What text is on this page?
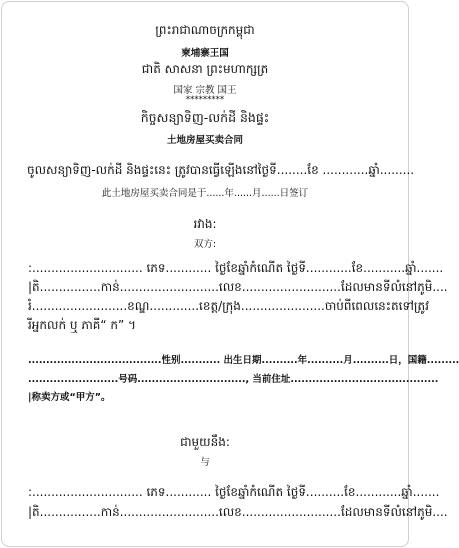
ព្រះរាជាណាចក្រកម្ពុជា
柬埔寨王国
ជាតិ សាសនា ព្រះមហាក្សត្រ
国家 宗教 国王
*********
កិច្ចសន្យាទិញ-លក់ដី និងផ្ទះ
土地房屋买卖合同
ចូលសន្យាទិញ-លក់ដី និងផ្ទះនេះ ត្រូវបានធ្វើឡើងនៅថ្ងៃទី........ខែ ............ឆ្នាំ.........
此土地房屋买卖合同是于......年......月......日签订
រវាង:
双方:
:............................. ភេទ............ ថ្ងៃខែឆ្នាំកំណើត ថ្ងៃទី............ខែ...........ឆ្នាំ.......
|តិ................កាន់..........................លេខ..........................ដែលមានទីលំនៅភូមិ....
រំ.........................ខណ្ឌ.............ខេត្ត/ក្រុង......................ចាប់ពីពេលនេះតទៅត្រូវ
រីអ្នកលក់ ឬ ភាគី“ ក” ។
.....................................性别........... 出生日期..........年..........月..........日，国籍.........
.........................号码.............................., 当前住址.........................................
|称卖方或“甲方”。
ជាមួយនឹង:
与
:............................. ភេទ............ ថ្ងៃខែឆ្នាំកំណើត ថ្ងៃទី..........ខែ............ឆ្នាំ.......
|តិ................កាន់..........................លេខ..........................ដែលមានទីលំនៅភូមិ....
